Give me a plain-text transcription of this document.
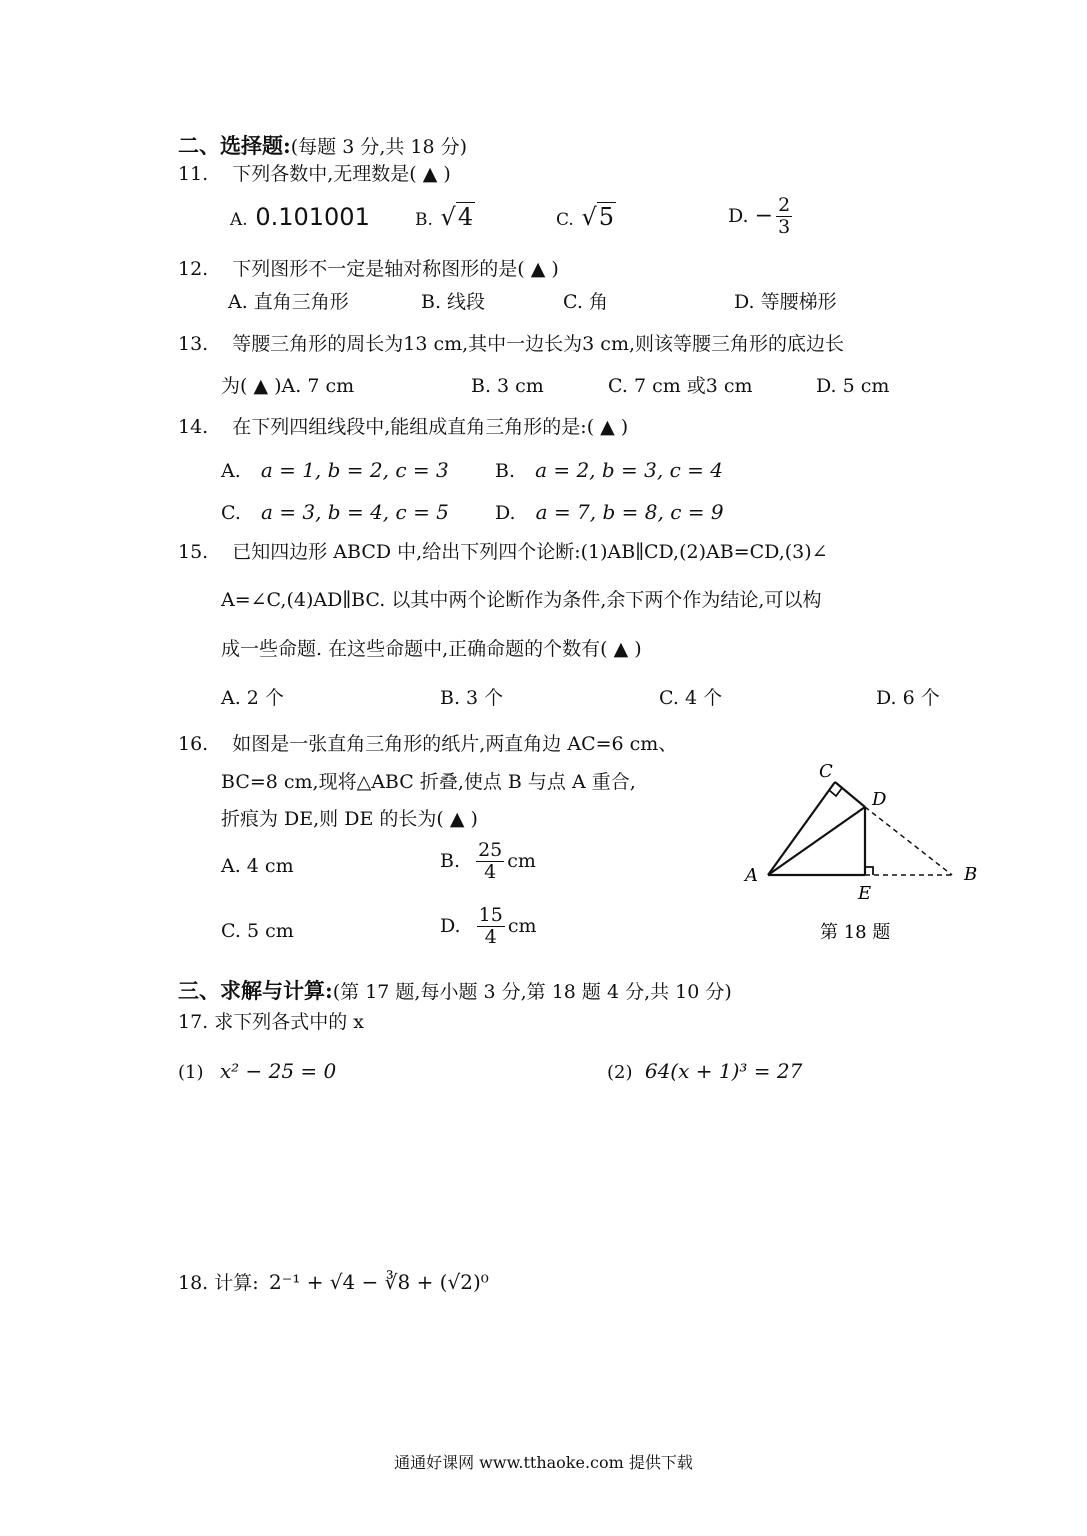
二、选择题:(每题 3 分,共 18 分)
11. 下列各数中,无理数是( ▲ )
A. 0.101001	B. √4	C. √5	D. − $\frac{2}{3}$
12. 下列图形不一定是轴对称图形的是( ▲ )
A. 直角三角形	B. 线段	C. 角	D. 等腰梯形
13. 等腰三角形的周长为13 cm,其中一边长为3 cm,则该等腰三角形的底边长
为( ▲ )A. 7 cm	B. 3 cm	C. 7 cm 或3 cm	D. 5 cm
14. 在下列四组线段中,能组成直角三角形的是:( ▲ )
A. a = 1, b = 2, c = 3 B. a = 2, b = 3, c = 4
C. a = 3, b = 4, c = 5 D. a = 7, b = 8, c = 9
15. 已知四边形 ABCD 中,给出下列四个论断:(1)AB∥CD,(2)AB=CD,(3)∠
A=∠C,(4)AD∥BC. 以其中两个论断作为条件,余下两个作为结论,可以构
成一些命题. 在这些命题中,正确命题的个数有( ▲ )
A. 2 个	B. 3 个	C. 4 个	D. 6 个
16. 如图是一张直角三角形的纸片,两直角边 AC=6 cm、
BC=8 cm,现将△ABC 折叠,使点 B 与点 A 重合,
折痕为 DE,则 DE 的长为( ▲ )
A. 4 cm	B. $\frac{25}{4}$ cm
C. 5 cm	D. $\frac{15}{4}$ cm
C
D
A
E
B
第 18 题
三、求解与计算:(第 17 题,每小题 3 分,第 18 题 4 分,共 10 分)
17. 求下列各式中的 x
(1) x² − 25 = 0	(2) 64(x + 1)³ = 27
18. 计算: 2⁻¹ + √4 − ∛8 + (√2)⁰
通通好课网 www.tthaoke.com 提供下载
